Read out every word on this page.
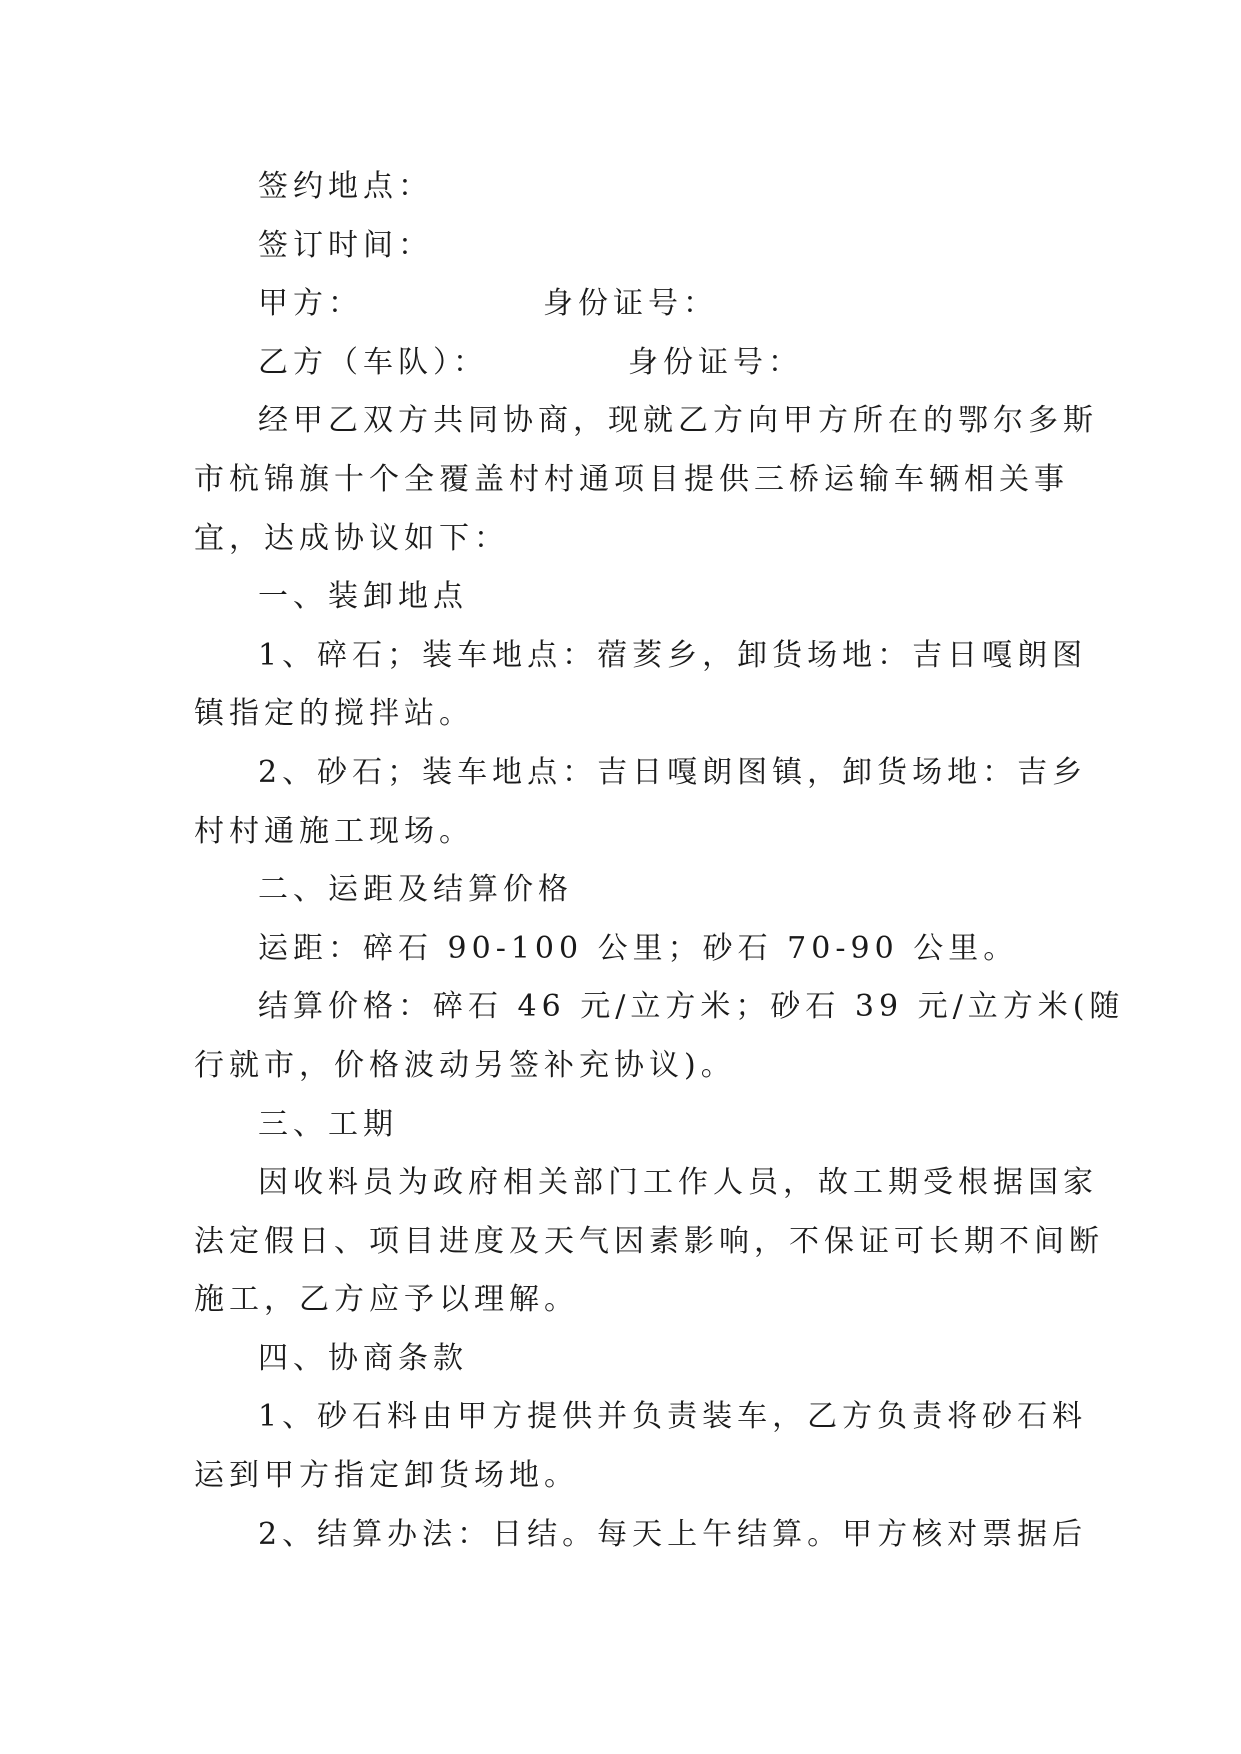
签约地点：

签订时间：

甲方：	身份证号：

乙方（车队）：	身份证号：

经甲乙双方共同协商，现就乙方向甲方所在的鄂尔多斯

市杭锦旗十个全覆盖村村通项目提供三桥运输车辆相关事

宜，达成协议如下：

一、装卸地点

1、碎石；装车地点：蓿荄乡，卸货场地：吉日嘎朗图

镇指定的搅拌站。

2、砂石；装车地点：吉日嘎朗图镇，卸货场地：吉乡

村村通施工现场。

二、运距及结算价格

运距：碎石 90-100 公里；砂石 70-90 公里。

结算价格：碎石 46 元/立方米；砂石 39 元/立方米(随

行就市，价格波动另签补充协议)。

三、工期

因收料员为政府相关部门工作人员，故工期受根据国家

法定假日、项目进度及天气因素影响，不保证可长期不间断

施工，乙方应予以理解。

四、协商条款

1、砂石料由甲方提供并负责装车，乙方负责将砂石料

运到甲方指定卸货场地。

2、结算办法：日结。每天上午结算。甲方核对票据后
